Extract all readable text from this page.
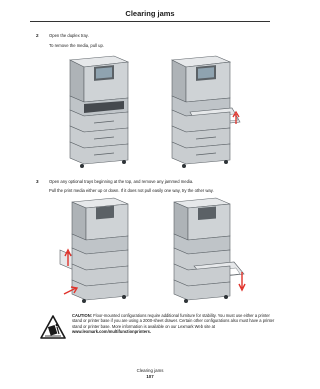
Clearing jams
2 Open the duplex tray.
To remove the media, pull up.
3 Open any optional trays beginning at the top, and remove any jammed media.
Pull the print media either up or down. If it does not pull easily one way, try the other way.
CAUTION: Floor-mounted configurations require additional furniture for stability. You must use either a printer stand or printer base if you are using a 2000-sheet drawer. Certain other configurations also must have a printer stand or printer base. More information is available on our Lexmark Web site at www.lexmark.com/multifunctionprinters.
Clearing jams
107
